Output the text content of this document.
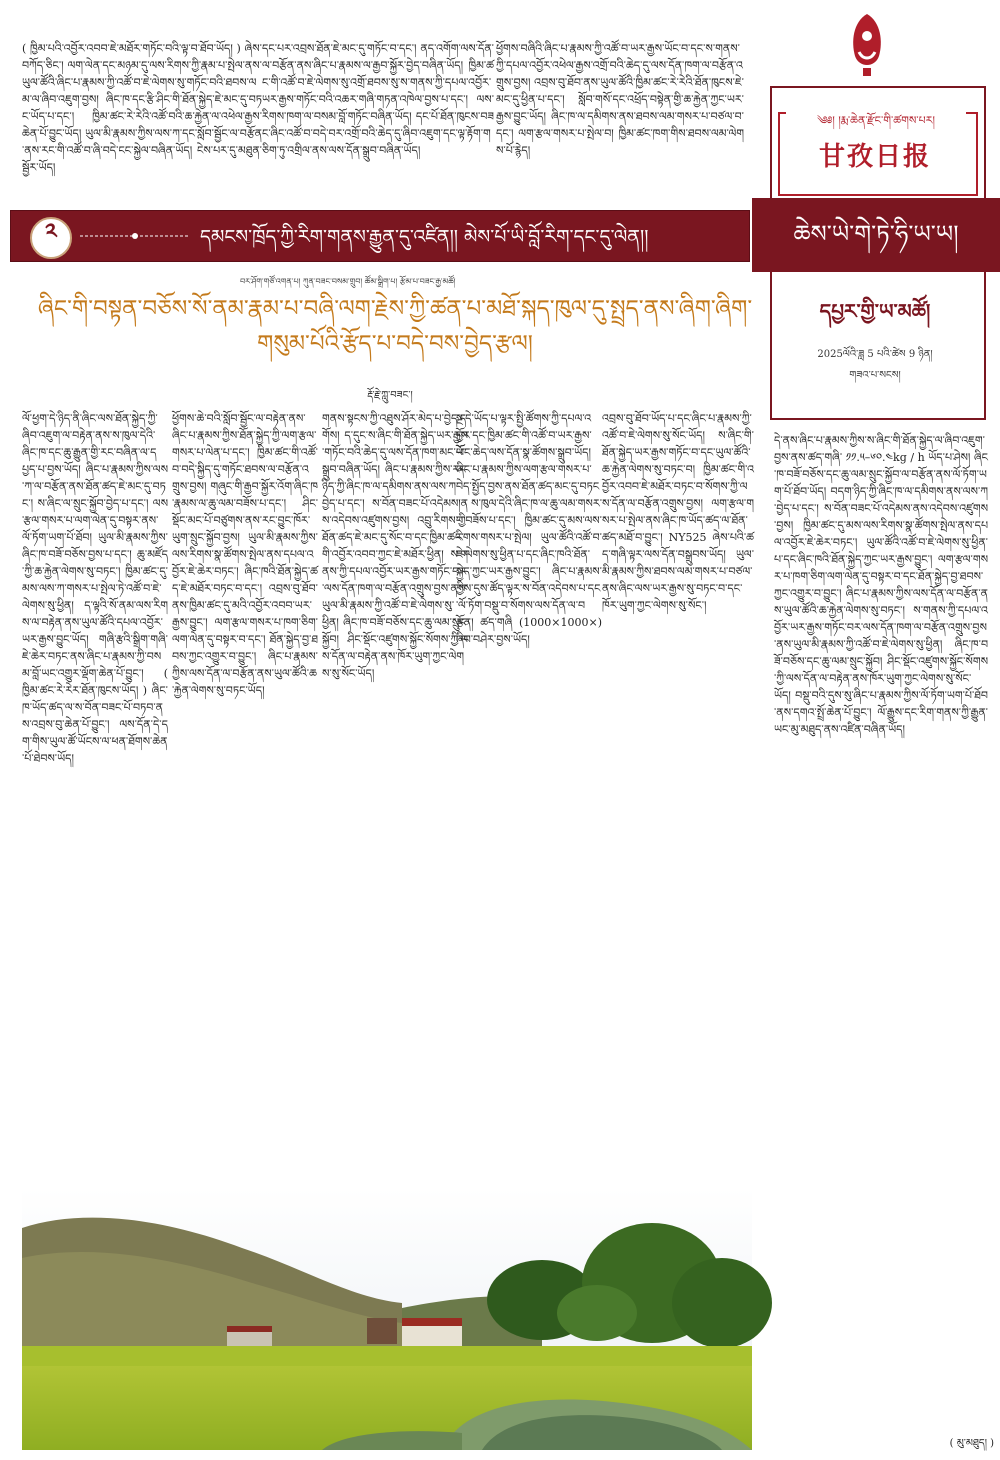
( ཁྱིམ་པའི་འབྱོར་འབབ་ཇེ་མཐོར་གཏོང་བའི་ལྟ་བ་ཐོབ་ཡོད། ) ཞེས་བཀོད་ཅིང་། ལག་ལེན་དང་མཉམ་དུ་ལས་རིགས་ཀྱི་རྣམ་པ་སྤེལ་ནས་ཡུལ་ཚོའི་ཞིང་པ་རྣམས་ཀྱི་འཚོ་བ་ཇེ་ལེགས་སུ་གཏོང་བའི་ཐབས་ལམ་ལ་ཞིབ་འཇུག་བྱས། ཞིང་ཁ་དང་རྩི་ཤིང་གི་ཐོན་སྐྱེད་ཇེ་མང་དུ་བཏང་ཡོད་པ་དང་། ཁྱིམ་ཚང་རེ་རེའི་འཚོ་བའི་ཆ་རྐྱེན་ལ་འཕེལ་རྒྱས་ཆེན་པོ་བྱུང་ཡོད། ཡུལ་མི་རྣམས་ཀྱིས་ལས་ཀ་དང་སློབ་སྦྱོང་ལ་བརྩོན་ནས་རང་གི་འཚོ་བ་ཞི་བདེ་ངང་སྐྱེལ་བཞིན་ཡོད། ངེས་པར་དུ་མཐུན་སྦྱོར་ཡོད།
དང་པར་འབྲས་ཐོན་ཇེ་མང་དུ་གཏོང་བ་དང་། ནད་འགོག་ལས་དོན་ལ་བརྩོན་ནས་ཞིང་པ་རྣམས་ལ་རྒྱབ་སྐྱོར་བྱེད་བཞིན་ཡོད། ཁྱིམ་ཚང་གི་འཚོ་བ་ཇེ་ལེགས་སུ་འགྲོ་ཐབས་སུ་ས་གནས་ཀྱི་དཔལ་འབྱོར་ཡར་རྒྱས་གཏོང་བའི་འཆར་གཞི་གཏན་འཁེལ་བྱས་པ་དང་། ལས་རིགས་ཁག་ལ་བསམ་བློ་གཏོང་བཞིན་ཡོད། དང་པོ་ཐོན་ཁུངས་བཟང་ཞིང་འཚོ་བ་བདེ་བར་འགྲོ་བའི་ཆེད་དུ་ཞིབ་འཇུག་དང་ལྟ་རྟོག་གཅིག་ཏུ་འགྲིལ་ནས་ལས་དོན་སྒྲུབ་བཞིན་ཡོད།
ཕྱོགས་བཞིའི་ཞིང་པ་རྣམས་ཀྱི་འཚོ་བ་ཡར་རྒྱས་ཡོང་བ་དང་ས་གནས་ཀྱི་དཔལ་འབྱོར་འཕེལ་རྒྱས་འགྲོ་བའི་ཆེད་དུ་ལས་དོན་ཁག་ལ་བརྩོན་འགྲུས་བྱས། འབྲས་བུ་ཐོབ་ནས་ཡུལ་ཚོའི་ཁྱིམ་ཚང་རེ་རེའི་ཐོན་ཁུངས་ཇེ་མང་དུ་ཕྱིན་པ་དང་། སློབ་གསོ་དང་འཕྲོད་བསྟེན་གྱི་ཆ་རྐྱེན་ཀྱང་ཡར་རྒྱས་བྱུང་ཡོད། ཞིང་ཁ་ལ་དམིགས་ནས་ཐབས་ལམ་གསར་པ་བཙལ་བ་དང་། ལག་རྩལ་གསར་པ་སྤེལ་བ། ཁྱིམ་ཚང་ཁག་གིས་ཐབས་ལམ་ལེགས་པོ་རྙེད།
༢	དམངས་ཁྲོད་ཀྱི་རིག་གནས་རྒྱུན་དུ་འཛིན།། མེས་པོ་ཡི་བློ་རིག་དང་དུ་ལེན།།
༄༅། །རྨ་ཆེན་རྫོང་གི་ཚགས་པར།
甘孜日报
ཆེས་ཡེ་གེ་ཏེ་ཧི་ཡ་ཡ།
དཔྱར་གྱི་ཡ་མཚོ།
2025ལོའི་ཟླ 5 པའི་ཚེས 9 ཉིན།
གཟའ་པ་སངས།
བར་ཤོག་གཙོ་འགན་པ། ཀུན་བཟང་བསམ་གྲུབ། ཚོམ་སྒྲིག་པ། རྩོམ་པ་བཟང་རྒྱ་མཚོ།
ཞིང་གི་བསྟན་བཅོས་སོ་ནམ་རྣམ་པ་བཞི་ལག་རྗེས་ཀྱི་ཚན་པ་མཐོ་སྐད་ཁུལ་དུ་སྤྲད་ནས་ཞིག་ཞིག་གསུམ་པོའི་རྩོད་པ་བདེ་བས་བྱེད་རྩལ།
རྡོ་རྗེ་ཀླུ་བཟང་།
ལོ་ཕྱག་དེ་ཉིད་ནི་ཞིང་ལས་ཐོན་སྐྱེད་ཀྱི་ཞིབ་འཇུག་ལ་བརྟེན་ནས་ས་ཁུལ་དེའི་ཞིང་ཁ་དང་ཆུ་རྒྱུན་གྱི་རང་བཞིན་ལ་དཔྱད་པ་བྱས་ཡོད། ཞིང་པ་རྣམས་ཀྱིས་ལས་ཀ་ལ་བརྩོན་ནས་ཐོན་ཚད་ཇེ་མང་དུ་བཏང་། ས་ཞིང་ལ་སྲུང་སྐྱོབ་བྱེད་པ་དང་། ལས་རྩལ་གསར་པ་ལག་ལེན་དུ་བསྟར་ནས་ལོ་ཏོག་ཡག་པོ་ཐོབ། ཡུལ་མི་རྣམས་ཀྱིས་ཞིང་ཁ་བཟོ་བཅོས་བྱས་པ་དང་། ཆུ་མཛོད་ཀྱི་ཆ་རྐྱེན་ལེགས་སུ་བཏང་། ཁྱིམ་ཚང་དུ་མས་ལས་ཀ་གསར་པ་སྤེལ་ཏེ་འཚོ་བ་ཇེ་ལེགས་སུ་ཕྱིན། ད་ལྟའི་སོ་ནམ་ལས་རིགས་ལ་བརྟེན་ནས་ཡུལ་ཚོའི་དཔལ་འབྱོར་ཡར་རྒྱས་བྱུང་ཡོད། གཞི་རྩའི་སྒྲིག་གཞི་ཇེ་ཆེར་བཏང་ནས་ཞིང་པ་རྣམས་ཀྱི་བསམ་བློ་ཡང་འགྱུར་ལྡོག་ཆེན་པོ་བྱུང་། ( ཁྱིམ་ཚང་རེ་རེར་ཐོན་ཁུངས་ཡོད། ) ཞིང་ཁ་ཡོད་ཚད་ལ་ས་བོན་བཟང་པོ་བཏབ་ནས་འབྲས་བུ་ཆེན་པོ་བྱུང་། ལས་དོན་དེ་དག་གིས་ཡུལ་ཚོ་ཡོངས་ལ་ཕན་ཐོགས་ཆེན་པོ་ཐེབས་ཡོད།
ཕྱོགས་ཆེ་བའི་སློབ་སྦྱོང་ལ་བརྟེན་ནས་ཞིང་པ་རྣམས་ཀྱིས་ཐོན་སྐྱེད་ཀྱི་ལག་རྩལ་གསར་པ་ལེན་པ་དང་། ཁྱིམ་ཚང་གི་འཚོ་བ་བདེ་སྐྱིད་དུ་གཏོང་ཐབས་ལ་བརྩོན་འགྲུས་བྱས། གཞུང་གི་རྒྱབ་སྐྱོར་འོག་ཞིང་ཁ་རྣམས་ལ་ཆུ་ལམ་བཟོས་པ་དང་། ཤིང་སྡོང་མང་པོ་བཙུགས་ནས་རང་བྱུང་ཁོར་ཡུག་སྲུང་སྐྱོབ་བྱས། ཡུལ་མི་རྣམས་ཀྱིས་ལས་རིགས་སྣ་ཚོགས་སྤེལ་ནས་དཔལ་འབྱོར་ཇེ་ཆེར་བཏང་། ཞིང་ཁའི་ཐོན་སྐྱེད་ཚད་ཇེ་མཐོར་བཏང་བ་དང་། འབྲས་བུ་ཐོབ་ནས་ཁྱིམ་ཚང་དུ་མའི་འབྱོར་འབབ་ཡར་རྒྱས་བྱུང་། ལག་རྩལ་གསར་པ་ཁག་ཅིག་ལག་ལེན་དུ་བསྟར་བ་དང་། ཐོན་སྐྱེད་བྱ་ཐབས་ཀྱང་འགྱུར་བ་བྱུང་། ཞིང་པ་རྣམས་ཀྱིས་ལས་དོན་ལ་བརྩོན་ནས་ཡུལ་ཚོའི་ཆ་རྐྱེན་ལེགས་སུ་བཏང་ཡོད།
གནས་སྟངས་ཀྱི་འཐུས་ཤོར་མེད་པ་བྱེད་དགོས། ད་དུང་ས་ཞིང་གི་ཐོན་སྐྱེད་ཡར་རྒྱས་གཏོང་བའི་ཆེད་དུ་ལས་དོན་ཁག་མང་པོ་སྒྲུབ་བཞིན་ཡོད། ཞིང་པ་རྣམས་ཀྱིས་རང་ཉིད་ཀྱི་ཞིང་ཁ་ལ་དམིགས་ནས་ལས་ཀ་བྱེད་པ་དང་། ས་བོན་བཟང་པོ་འདེམས་ནས་འདེབས་འཛུགས་བྱས། འབྲུ་རིགས་ཀྱི་ཐོན་ཚད་ཇེ་མང་དུ་སོང་བ་དང་ཁྱིམ་ཚང་གི་འབྱོར་འབབ་ཀྱང་ཇེ་མཐོར་ཕྱིན། ས་གནས་ཀྱི་དཔལ་འབྱོར་ཡར་རྒྱས་གཏོང་བར་ལས་དོན་ཁག་ལ་བརྩོན་འགྲུས་བྱས་ནས་ཡུལ་མི་རྣམས་ཀྱི་འཚོ་བ་ཇེ་ལེགས་སུ་ཕྱིན། ཞིང་ཁ་བཟོ་བཅོས་དང་ཆུ་ལམ་སྲུང་སྐྱོབ། ཤིང་སྡོང་འཛུགས་སྐྱོང་སོགས་ཀྱི་ལས་དོན་ལ་བརྟེན་ནས་ཁོར་ཡུག་ཀྱང་ལེགས་སུ་སོང་ཡོད།
སྔ་དེ་ཡོད་པ་ལྟར་སྤྱི་ཚོགས་ཀྱི་དཔལ་འབྱོར་དང་ཁྱིམ་ཚང་གི་འཚོ་བ་ཡར་རྒྱས་ཡོང་ཆེད་ལས་དོན་སྣ་ཚོགས་སྒྲུབ་ཡོད། ཞིང་པ་རྣམས་ཀྱིས་ལག་རྩལ་གསར་པ་བེད་སྤྱོད་བྱས་ནས་ཐོན་ཚད་མང་དུ་བཏང་། ས་ཁུལ་དེའི་ཞིང་ཁ་ལ་ཆུ་ལམ་གསར་པ་བཟོས་པ་དང་། ཁྱིམ་ཚང་དུ་མས་ལས་རིགས་གསར་པ་སྤེལ། ཡུལ་ཚོའི་འཚོ་བ་ཇེ་ལེགས་སུ་ཕྱིན་པ་དང་ཞིང་ཁའི་ཐོན་སྐྱེད་ཀྱང་ཡར་རྒྱས་བྱུང་། ཞིང་པ་རྣམས་ཀྱིས་དུས་ཚོད་ལྟར་ས་བོན་འདེབས་པ་དང་ལོ་ཏོག་བསྡུ་བ་སོགས་ལས་དོན་ལ་བརྩོན། ཚད་གཞི (1000×1000×) ཞིབ་བཤེར་བྱས་ཡོད།
འབྲས་བུ་ཐོབ་ཡོད་པ་དང་ཞིང་པ་རྣམས་ཀྱི་འཚོ་བ་ཇེ་ལེགས་སུ་སོང་ཡོད། ས་ཞིང་གི་ཐོན་སྐྱེད་ཡར་རྒྱས་གཏོང་བ་དང་ཡུལ་ཚོའི་ཆ་རྐྱེན་ལེགས་སུ་བཏང་བ། ཁྱིམ་ཚང་གི་འབྱོར་འབབ་ཇེ་མཐོར་བཏང་བ་སོགས་ཀྱི་ལས་དོན་ལ་བརྩོན་འགྲུས་བྱས། ལག་རྩལ་གསར་པ་སྤེལ་ནས་ཞིང་ཁ་ཡོད་ཚད་ལ་ཐོན་ཚད་མཐོ་བ་བྱུང་། NY525 ཞེས་པའི་ཚད་གཞི་ལྟར་ལས་དོན་བསྒྲུབས་ཡོད། ཡུལ་མི་རྣམས་ཀྱིས་ཐབས་ལམ་གསར་པ་བཙལ་ནས་ཞིང་ལས་ཡར་རྒྱས་སུ་བཏང་བ་དང་ཁོར་ཡུག་ཀྱང་ལེགས་སུ་སོང་།
དེ་ནས་ཞིང་པ་རྣམས་ཀྱིས་ས་ཞིང་གི་ཐོན་སྐྱེད་ལ་ཞིབ་འཇུག་བྱས་ནས་ཚད་གཞི་ ༡༡.༥–༦༠.༤kg / h ཡོད་པ་ཤེས། ཞིང་ཁ་བཟོ་བཅོས་དང་ཆུ་ལམ་སྲུང་སྐྱོབ་ལ་བརྩོན་ནས་ལོ་ཏོག་ཡག་པོ་ཐོབ་ཡོད། བདག་ཉིད་ཀྱི་ཞིང་ཁ་ལ་དམིགས་ནས་ལས་ཀ་བྱེད་པ་དང་། ས་བོན་བཟང་པོ་འདེམས་ནས་འདེབས་འཛུགས་བྱས། ཁྱིམ་ཚང་དུ་མས་ལས་རིགས་སྣ་ཚོགས་སྤེལ་ནས་དཔལ་འབྱོར་ཇེ་ཆེར་བཏང་། ཡུལ་ཚོའི་འཚོ་བ་ཇེ་ལེགས་སུ་ཕྱིན་པ་དང་ཞིང་ཁའི་ཐོན་སྐྱེད་ཀྱང་ཡར་རྒྱས་བྱུང་། ལག་རྩལ་གསར་པ་ཁག་ཅིག་ལག་ལེན་དུ་བསྟར་བ་དང་ཐོན་སྐྱེད་བྱ་ཐབས་ཀྱང་འགྱུར་བ་བྱུང་། ཞིང་པ་རྣམས་ཀྱིས་ལས་དོན་ལ་བརྩོན་ནས་ཡུལ་ཚོའི་ཆ་རྐྱེན་ལེགས་སུ་བཏང་། ས་གནས་ཀྱི་དཔལ་འབྱོར་ཡར་རྒྱས་གཏོང་བར་ལས་དོན་ཁག་ལ་བརྩོན་འགྲུས་བྱས་ནས་ཡུལ་མི་རྣམས་ཀྱི་འཚོ་བ་ཇེ་ལེགས་སུ་ཕྱིན། ཞིང་ཁ་བཟོ་བཅོས་དང་ཆུ་ལམ་སྲུང་སྐྱོབ། ཤིང་སྡོང་འཛུགས་སྐྱོང་སོགས་ཀྱི་ལས་དོན་ལ་བརྟེན་ནས་ཁོར་ཡུག་ཀྱང་ལེགས་སུ་སོང་ཡོད། བསྡུ་བའི་དུས་སུ་ཞིང་པ་རྣམས་ཀྱིས་ལོ་ཏོག་ཡག་པོ་ཐོབ་ནས་དགའ་སྤྲོ་ཆེན་པོ་བྱུང་། ལོ་རྒྱུས་དང་རིག་གནས་ཀྱི་རྒྱུན་ཡང་མུ་མཐུད་ནས་འཛིན་བཞིན་ཡོད།
( མུ་མཐུད། )
